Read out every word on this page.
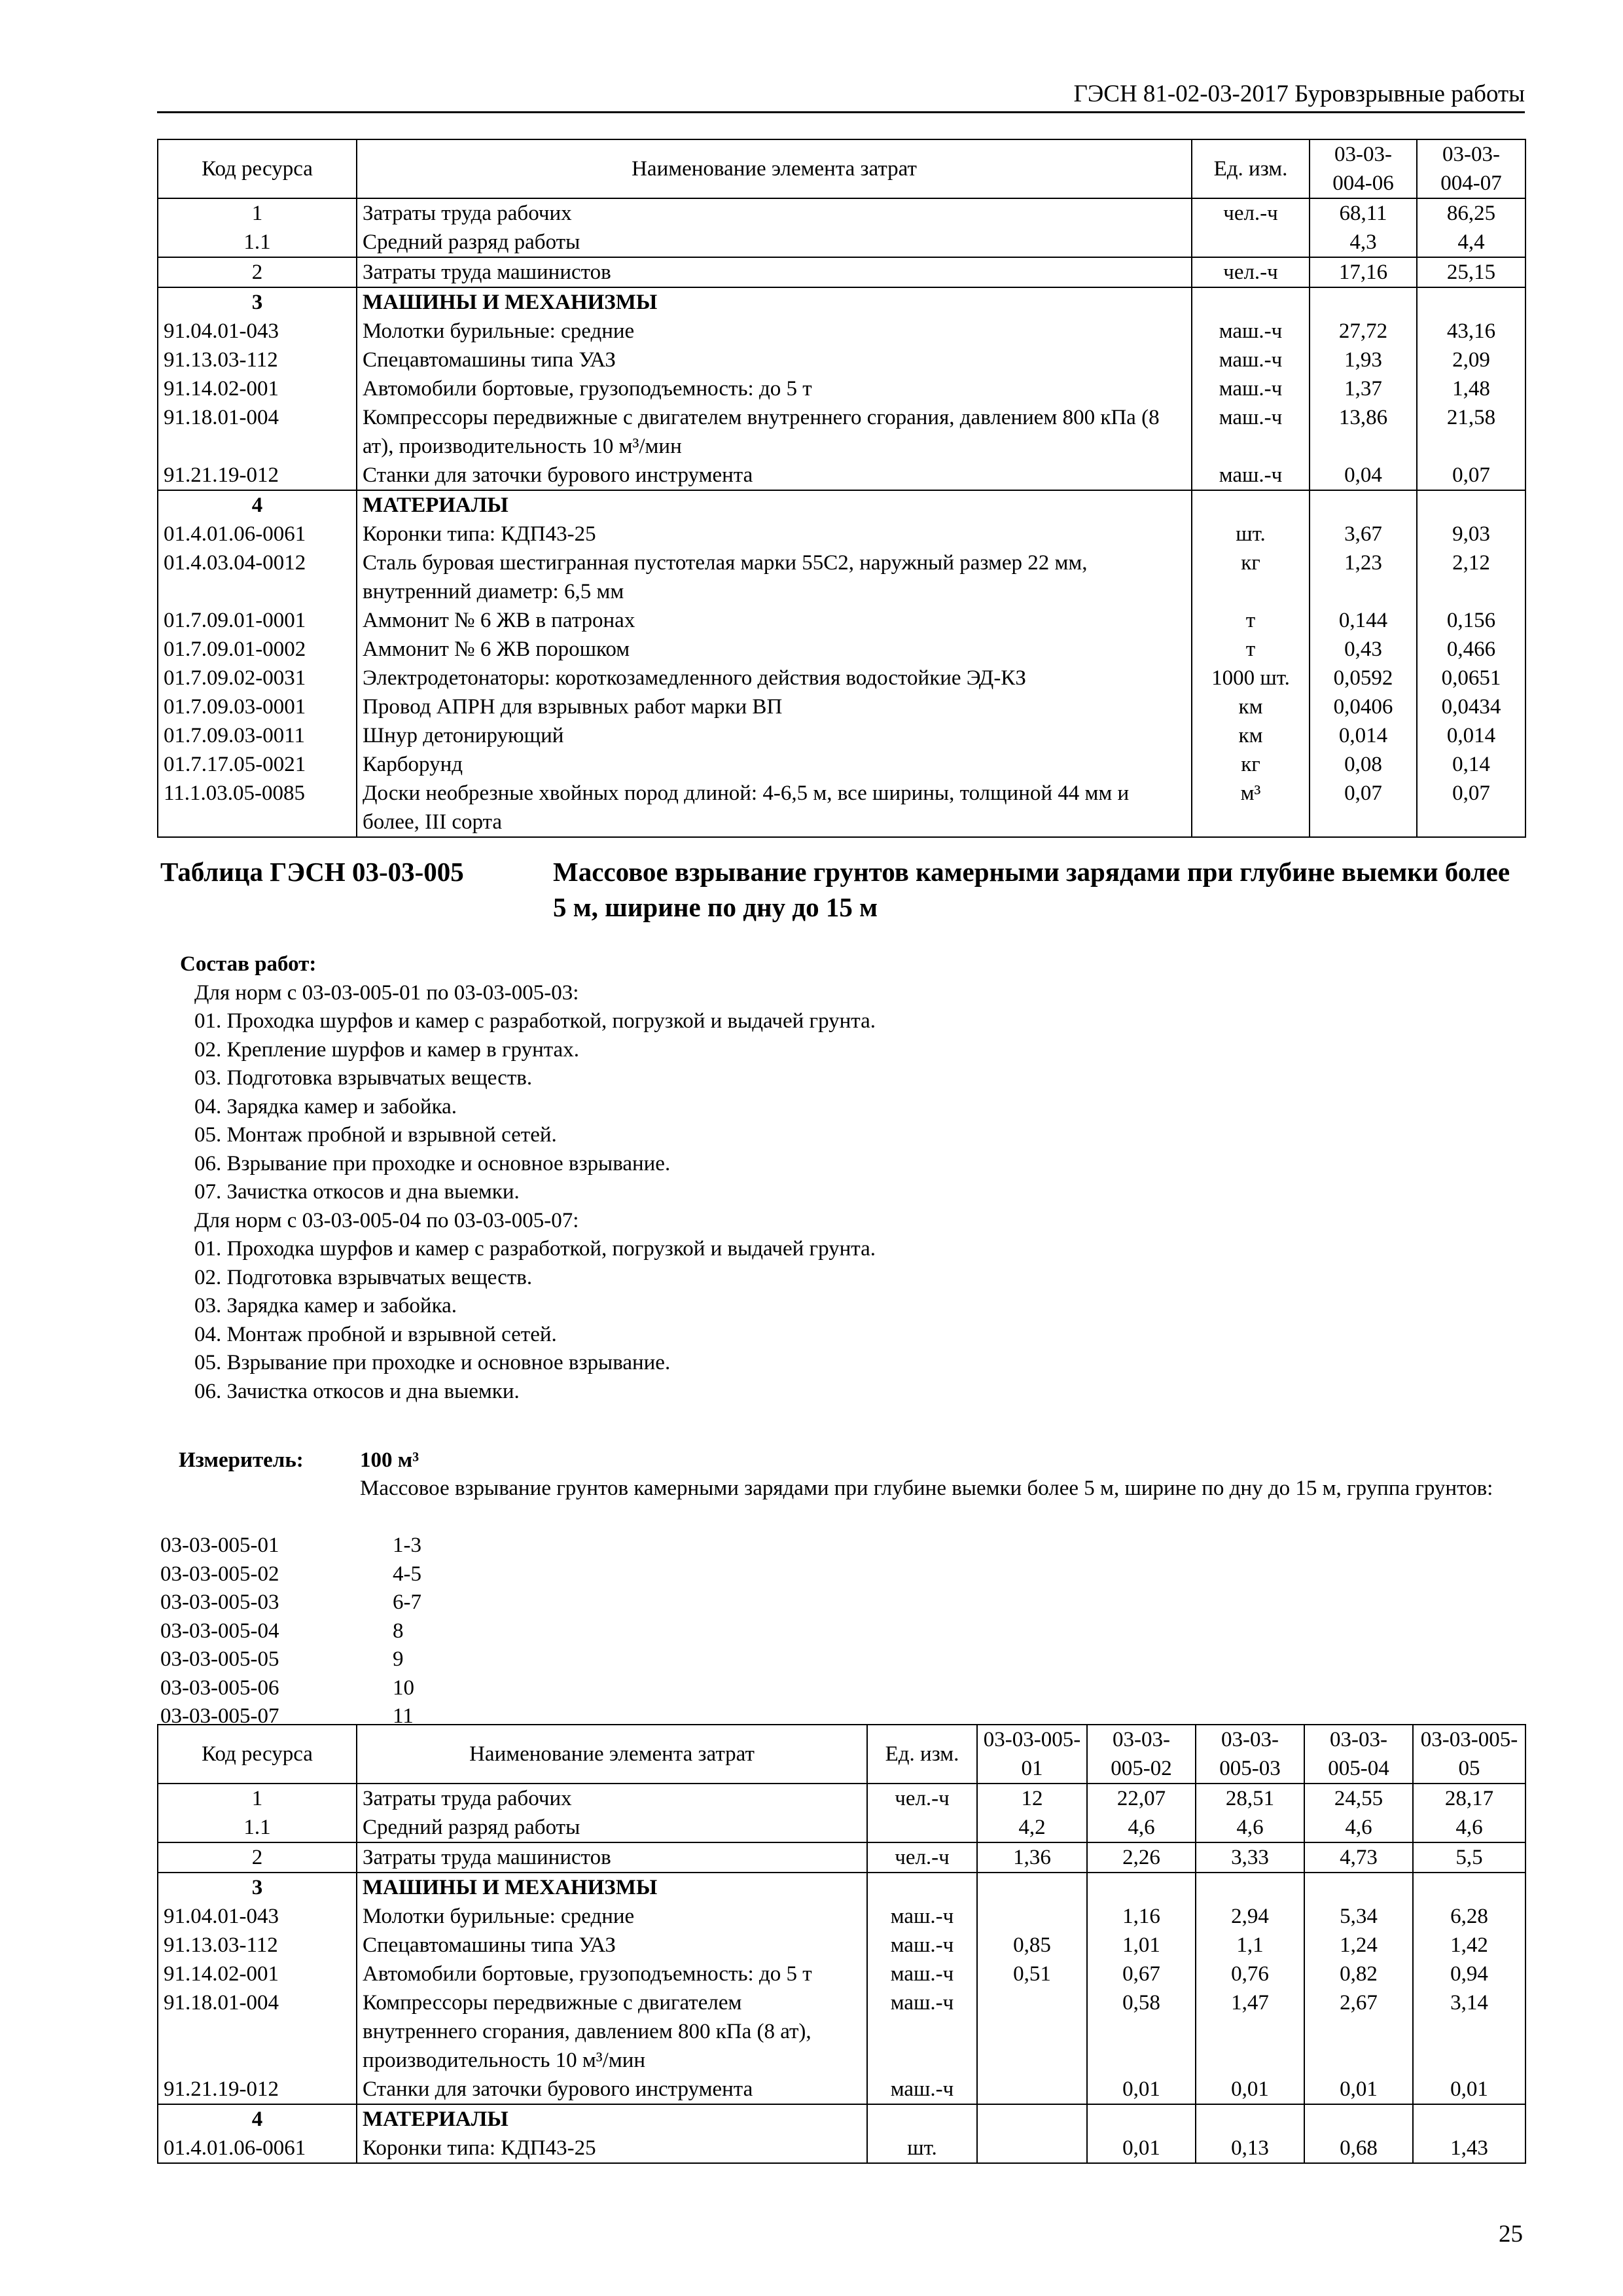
ГЭСН 81-02-03-2017 Буровзрывные работы
Код ресурса	Наименование элемента затрат	Ед. изм.	03-03-004-06	03-03-004-07
1	Затраты труда рабочих	чел.-ч	68,11	86,25
1.1	Средний разряд работы		4,3	4,4
2	Затраты труда машинистов	чел.-ч	17,16	25,15
3	МАШИНЫ И МЕХАНИЗМЫ			
91.04.01-043	Молотки бурильные: средние	маш.-ч	27,72	43,16
91.13.03-112	Спецавтомашины типа УАЗ	маш.-ч	1,93	2,09
91.14.02-001	Автомобили бортовые, грузоподъемность: до 5 т	маш.-ч	1,37	1,48
91.18.01-004	Компрессоры передвижные с двигателем внутреннего сгорания, давлением 800 кПа (8 ат), производительность 10 м³/мин	маш.-ч	13,86	21,58
91.21.19-012	Станки для заточки бурового инструмента	маш.-ч	0,04	0,07
4	МАТЕРИАЛЫ			
01.4.01.06-0061	Коронки типа: КДП43-25	шт.	3,67	9,03
01.4.03.04-0012	Сталь буровая шестигранная пустотелая марки 55С2, наружный размер 22 мм, внутренний диаметр: 6,5 мм	кг	1,23	2,12
01.7.09.01-0001	Аммонит № 6 ЖВ в патронах	т	0,144	0,156
01.7.09.01-0002	Аммонит № 6 ЖВ порошком	т	0,43	0,466
01.7.09.02-0031	Электродетонаторы: короткозамедленного действия водостойкие ЭД-КЗ	1000 шт.	0,0592	0,0651
01.7.09.03-0001	Провод АПРН для взрывных работ марки ВП	км	0,0406	0,0434
01.7.09.03-0011	Шнур детонирующий	км	0,014	0,014
01.7.17.05-0021	Карборунд	кг	0,08	0,14
11.1.03.05-0085	Доски необрезные хвойных пород длиной: 4-6,5 м, все ширины, толщиной 44 мм и более, III сорта	м³	0,07	0,07
Таблица ГЭСН 03-03-005	Массовое взрывание грунтов камерными зарядами при глубине выемки более 5 м, ширине по дну до 15 м
Состав работ:
Для норм с 03-03-005-01 по 03-03-005-03:
01. Проходка шурфов и камер с разработкой, погрузкой и выдачей грунта.
02. Крепление шурфов и камер в грунтах.
03. Подготовка взрывчатых веществ.
04. Зарядка камер и забойка.
05. Монтаж пробной и взрывной сетей.
06. Взрывание при проходке и основное взрывание.
07. Зачистка откосов и дна выемки.
Для норм с 03-03-005-04 по 03-03-005-07:
01. Проходка шурфов и камер с разработкой, погрузкой и выдачей грунта.
02. Подготовка взрывчатых веществ.
03. Зарядка камер и забойка.
04. Монтаж пробной и взрывной сетей.
05. Взрывание при проходке и основное взрывание.
06. Зачистка откосов и дна выемки.
Измеритель:	100 м³
Массовое взрывание грунтов камерными зарядами при глубине выемки более 5 м, ширине по дну до 15 м, группа грунтов:
03-03-005-01	1-3
03-03-005-02	4-5
03-03-005-03	6-7
03-03-005-04	8
03-03-005-05	9
03-03-005-06	10
03-03-005-07	11
Код ресурса	Наименование элемента затрат	Ед. изм.	03-03-005-01	03-03-005-02	03-03-005-03	03-03-005-04	03-03-005-05
1	Затраты труда рабочих	чел.-ч	12	22,07	28,51	24,55	28,17
1.1	Средний разряд работы		4,2	4,6	4,6	4,6	4,6
2	Затраты труда машинистов	чел.-ч	1,36	2,26	3,33	4,73	5,5
3	МАШИНЫ И МЕХАНИЗМЫ						
91.04.01-043	Молотки бурильные: средние	маш.-ч		1,16	2,94	5,34	6,28
91.13.03-112	Спецавтомашины типа УАЗ	маш.-ч	0,85	1,01	1,1	1,24	1,42
91.14.02-001	Автомобили бортовые, грузоподъемность: до 5 т	маш.-ч	0,51	0,67	0,76	0,82	0,94
91.18.01-004	Компрессоры передвижные с двигателем внутреннего сгорания, давлением 800 кПа (8 ат), производительность 10 м³/мин	маш.-ч		0,58	1,47	2,67	3,14
91.21.19-012	Станки для заточки бурового инструмента	маш.-ч		0,01	0,01	0,01	0,01
4	МАТЕРИАЛЫ						
01.4.01.06-0061	Коронки типа: КДП43-25	шт.		0,01	0,13	0,68	1,43
25
